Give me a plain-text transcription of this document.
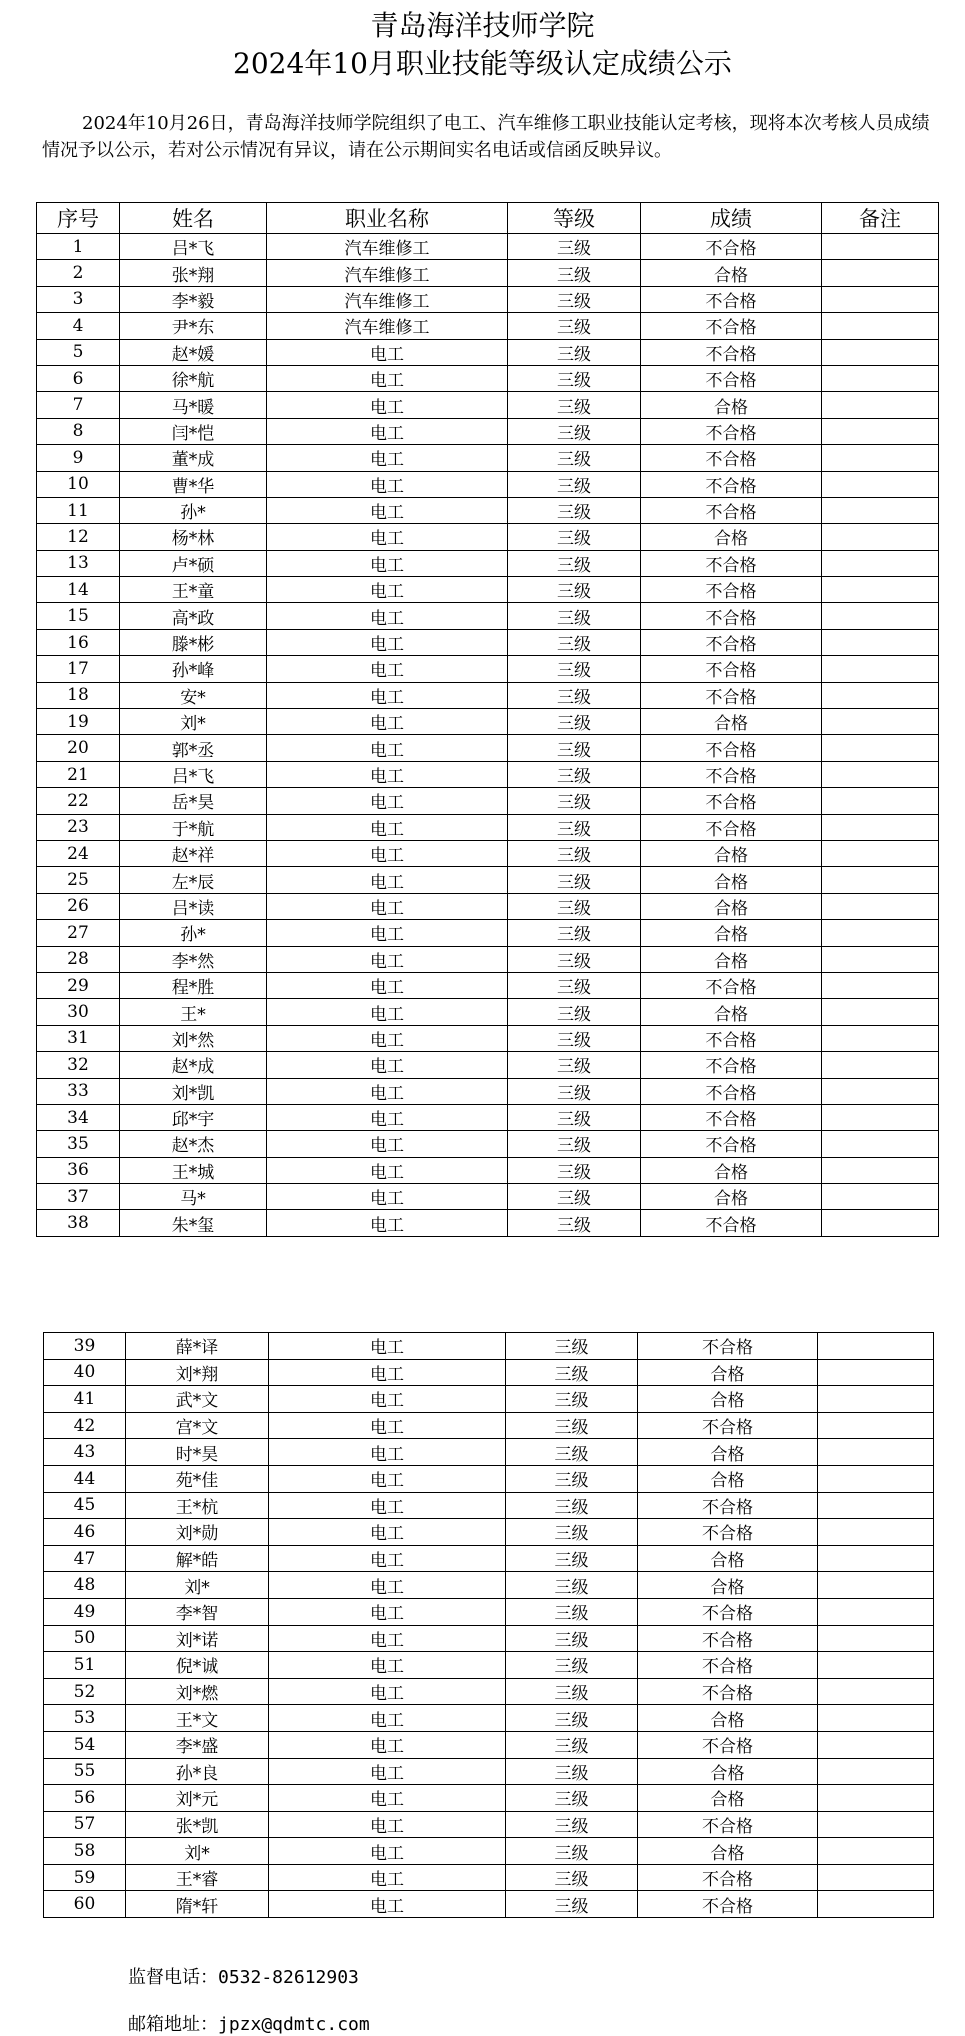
青岛海洋技师学院
2024年10月职业技能等级认定成绩公示
2024年10月26日，青岛海洋技师学院组织了电工、汽车维修工职业技能认定考核，现将本次考核人员成绩情况予以公示，若对公示情况有异议，请在公示期间实名电话或信函反映异议。
序号	姓名	职业名称	等级	成绩	备注
1	吕*飞	汽车维修工	三级	不合格	
2	张*翔	汽车维修工	三级	合格	
3	李*毅	汽车维修工	三级	不合格	
4	尹*东	汽车维修工	三级	不合格	
5	赵*媛	电工	三级	不合格	
6	徐*航	电工	三级	不合格	
7	马*暖	电工	三级	合格	
8	闫*恺	电工	三级	不合格	
9	董*成	电工	三级	不合格	
10	曹*华	电工	三级	不合格	
11	孙*	电工	三级	不合格	
12	杨*林	电工	三级	合格	
13	卢*硕	电工	三级	不合格	
14	王*童	电工	三级	不合格	
15	高*政	电工	三级	不合格	
16	滕*彬	电工	三级	不合格	
17	孙*峰	电工	三级	不合格	
18	安*	电工	三级	不合格	
19	刘*	电工	三级	合格	
20	郭*丞	电工	三级	不合格	
21	吕*飞	电工	三级	不合格	
22	岳*昊	电工	三级	不合格	
23	于*航	电工	三级	不合格	
24	赵*祥	电工	三级	合格	
25	左*辰	电工	三级	合格	
26	吕*读	电工	三级	合格	
27	孙*	电工	三级	合格	
28	李*然	电工	三级	合格	
29	程*胜	电工	三级	不合格	
30	王*	电工	三级	合格	
31	刘*然	电工	三级	不合格	
32	赵*成	电工	三级	不合格	
33	刘*凯	电工	三级	不合格	
34	邱*宇	电工	三级	不合格	
35	赵*杰	电工	三级	不合格	
36	王*城	电工	三级	合格	
37	马*	电工	三级	合格	
38	朱*玺	电工	三级	不合格	
39	薛*译	电工	三级	不合格	
40	刘*翔	电工	三级	合格	
41	武*文	电工	三级	合格	
42	宫*文	电工	三级	不合格	
43	时*昊	电工	三级	合格	
44	苑*佳	电工	三级	合格	
45	王*杭	电工	三级	不合格	
46	刘*勋	电工	三级	不合格	
47	解*皓	电工	三级	合格	
48	刘*	电工	三级	合格	
49	李*智	电工	三级	不合格	
50	刘*诺	电工	三级	不合格	
51	倪*诚	电工	三级	不合格	
52	刘*燃	电工	三级	不合格	
53	王*文	电工	三级	合格	
54	李*盛	电工	三级	不合格	
55	孙*良	电工	三级	合格	
56	刘*元	电工	三级	合格	
57	张*凯	电工	三级	不合格	
58	刘*	电工	三级	合格	
59	王*睿	电工	三级	不合格	
60	隋*轩	电工	三级	不合格	
监督电话：0532-82612903
邮箱地址：jpzx@qdmtc.com
